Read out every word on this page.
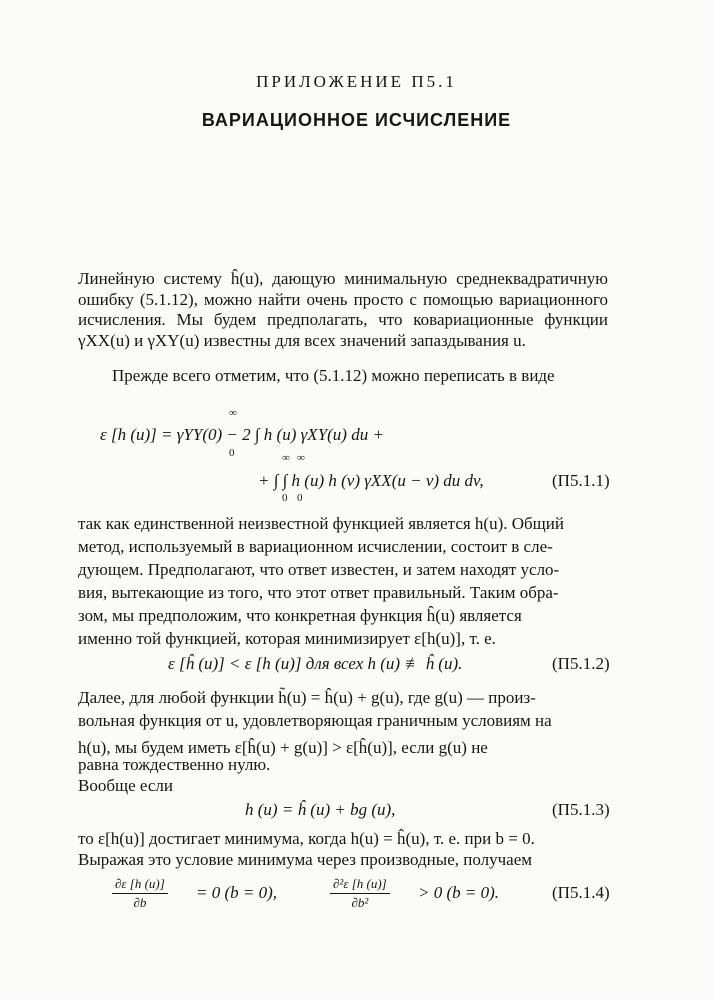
ПРИЛОЖЕНИЕ П5.1
ВАРИАЦИОННОЕ ИСЧИСЛЕНИЕ
Линейную систему ĥ(u), дающую минимальную среднеквадратичную ошибку (5.1.12), можно найти очень просто с помощью вариационного исчисления. Мы будем предполагать, что ковариационные функции γXX(u) и γXY(u) известны для всех значений запаздывания u.
Прежде всего отметим, что (5.1.12) можно переписать в виде
ε [h (u)] = γYY(0) − 2 ∫ h (u) γXY(u) du +
∞
0
+ ∫ ∫ h (u) h (v) γXX(u − v) du dv,
∞ ∞
0 0
(П5.1.1)
так как единственной неизвестной функцией является h(u). Общий
метод, используемый в вариационном исчислении, состоит в сле-
дующем. Предполагают, что ответ известен, и затем находят усло-
вия, вытекающие из того, что этот ответ правильный. Таким обра-
зом, мы предположим, что конкретная функция ĥ(u) является
именно той функцией, которая минимизирует ε[h(u)], т. е.
ε [ĥ (u)] < ε [h (u)] для всех h (u) ≢ ĥ (u).	(П5.1.2)
Далее, для любой функции h̃(u) = ĥ(u) + g(u), где g(u) — произ-
вольная функция от u, удовлетворяющая граничным условиям на
h(u), мы будем иметь ε[ĥ(u) + g(u)] > ε[ĥ(u)], если g(u) не
равна тождественно нулю.
Вообще если
h (u) = ĥ (u) + bg (u),	(П5.1.3)
то ε[h(u)] достигает минимума, когда h(u) = ĥ(u), т. е. при b = 0.
Выражая это условие минимума через производные, получаем
$\frac{\partial\varepsilon [h (u)]}{\partial b} = 0$ (b = 0),	$\frac{\text{∂²ε [h (u)]}}{\text{∂b²}} > 0$ (b = 0).	(П5.1.4)
